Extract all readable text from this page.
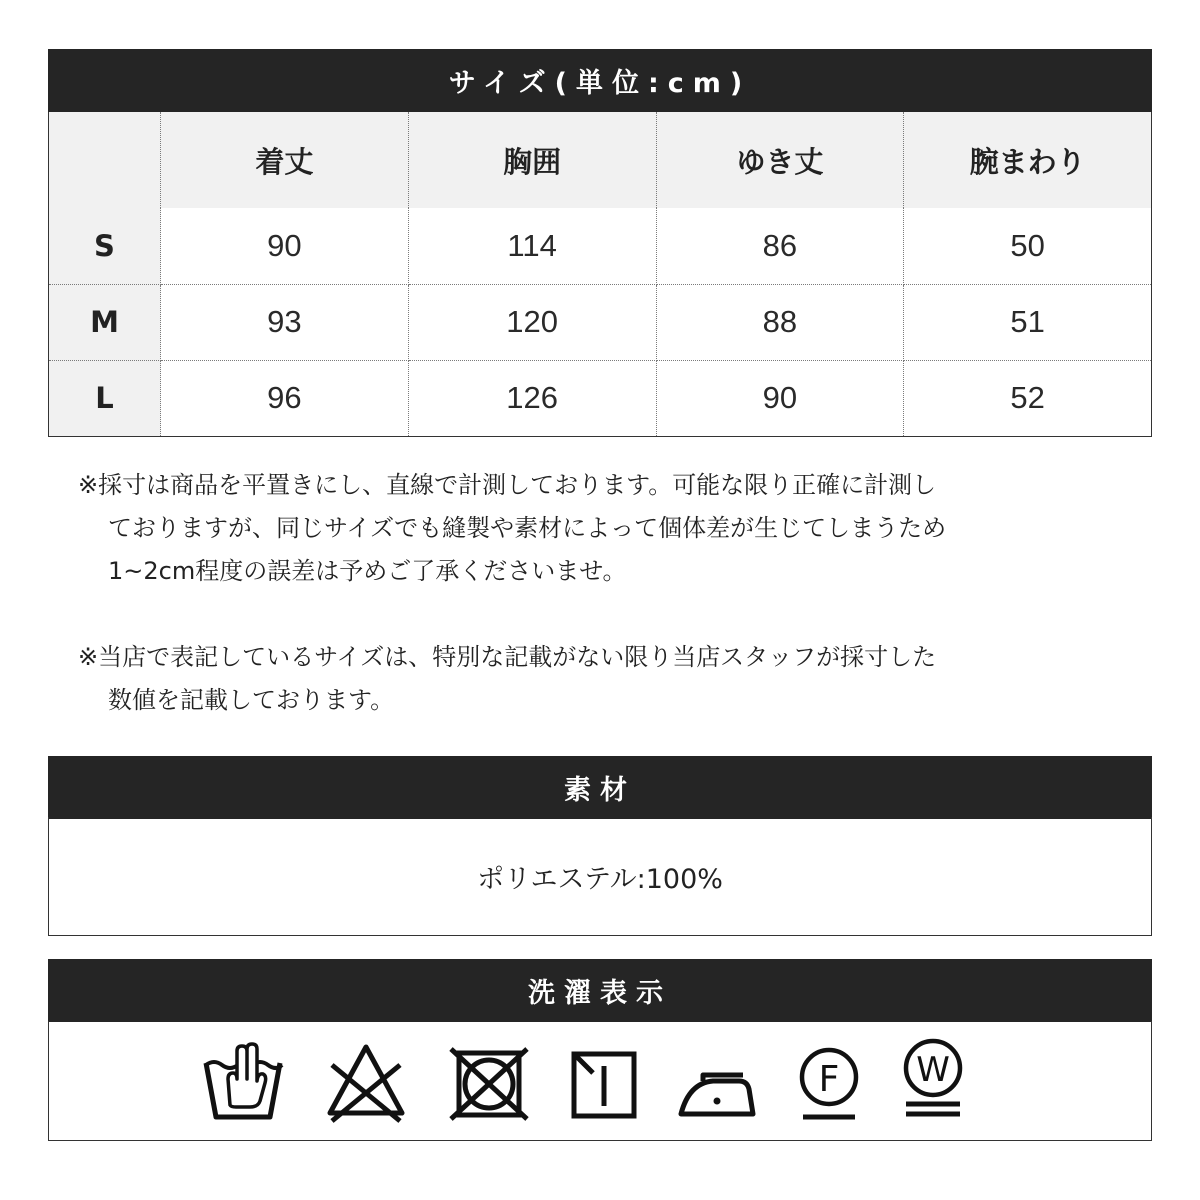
サイズ(単位:cm)
	着丈	胸囲	ゆき丈	腕まわり
S	90	114	86	50
M	93	120	88	51
L	96	126	90	52
※採寸は商品を平置きにし、直線で計測しております。可能な限り正確に計測し
ておりますが、同じサイズでも縫製や素材によって個体差が生じてしまうため
1~2cm程度の誤差は予めご了承くださいませ。
※当店で表記しているサイズは、特別な記載がない限り当店スタッフが採寸した
数値を記載しております。
素材
ポリエステル:100%
洗濯表示
F W
